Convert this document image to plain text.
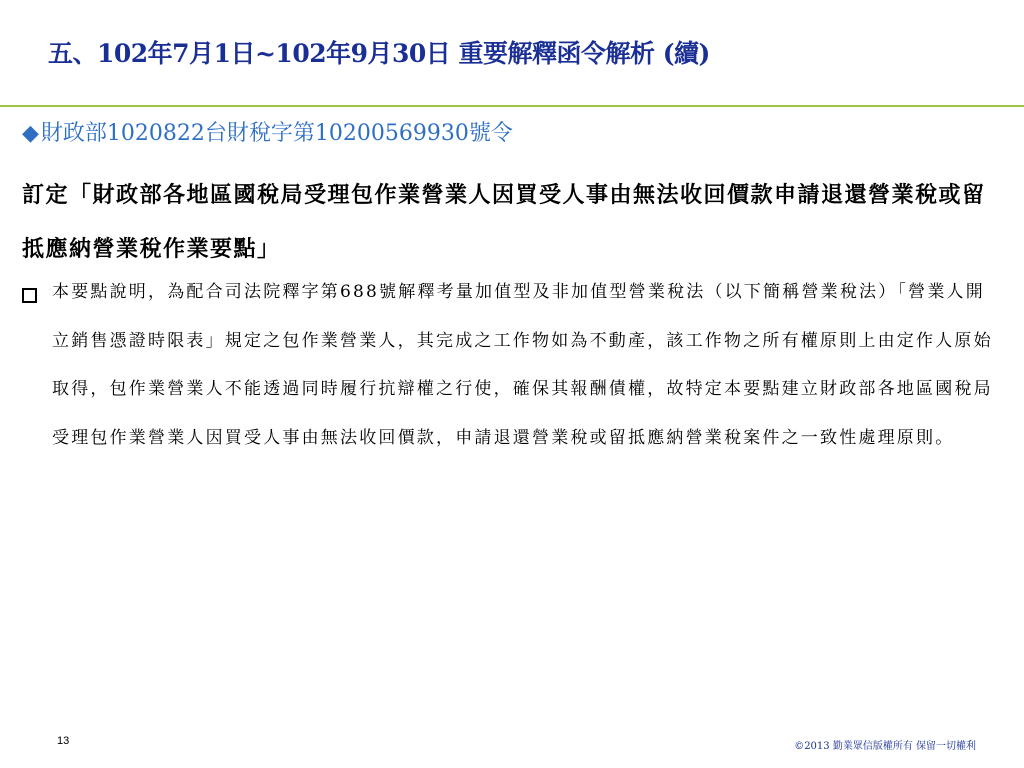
五、102年7月1日~102年9月30日 重要解釋函令解析 (續)

◆財政部1020822台財稅字第10200569930號令

訂定「財政部各地區國稅局受理包作業營業人因買受人事由無法收回價款申請退還營業稅或留抵應納營業稅作業要點」

本要點說明，為配合司法院釋字第688號解釋考量加值型及非加值型營業稅法（以下簡稱營業稅法）「營業人開立銷售憑證時限表」規定之包作業營業人，其完成之工作物如為不動產，該工作物之所有權原則上由定作人原始取得，包作業營業人不能透過同時履行抗辯權之行使，確保其報酬債權，故特定本要點建立財政部各地區國稅局受理包作業營業人因買受人事由無法收回價款，申請退還營業稅或留抵應納營業稅案件之一致性處理原則。

13	©2013 勤業眾信版權所有 保留一切權利
